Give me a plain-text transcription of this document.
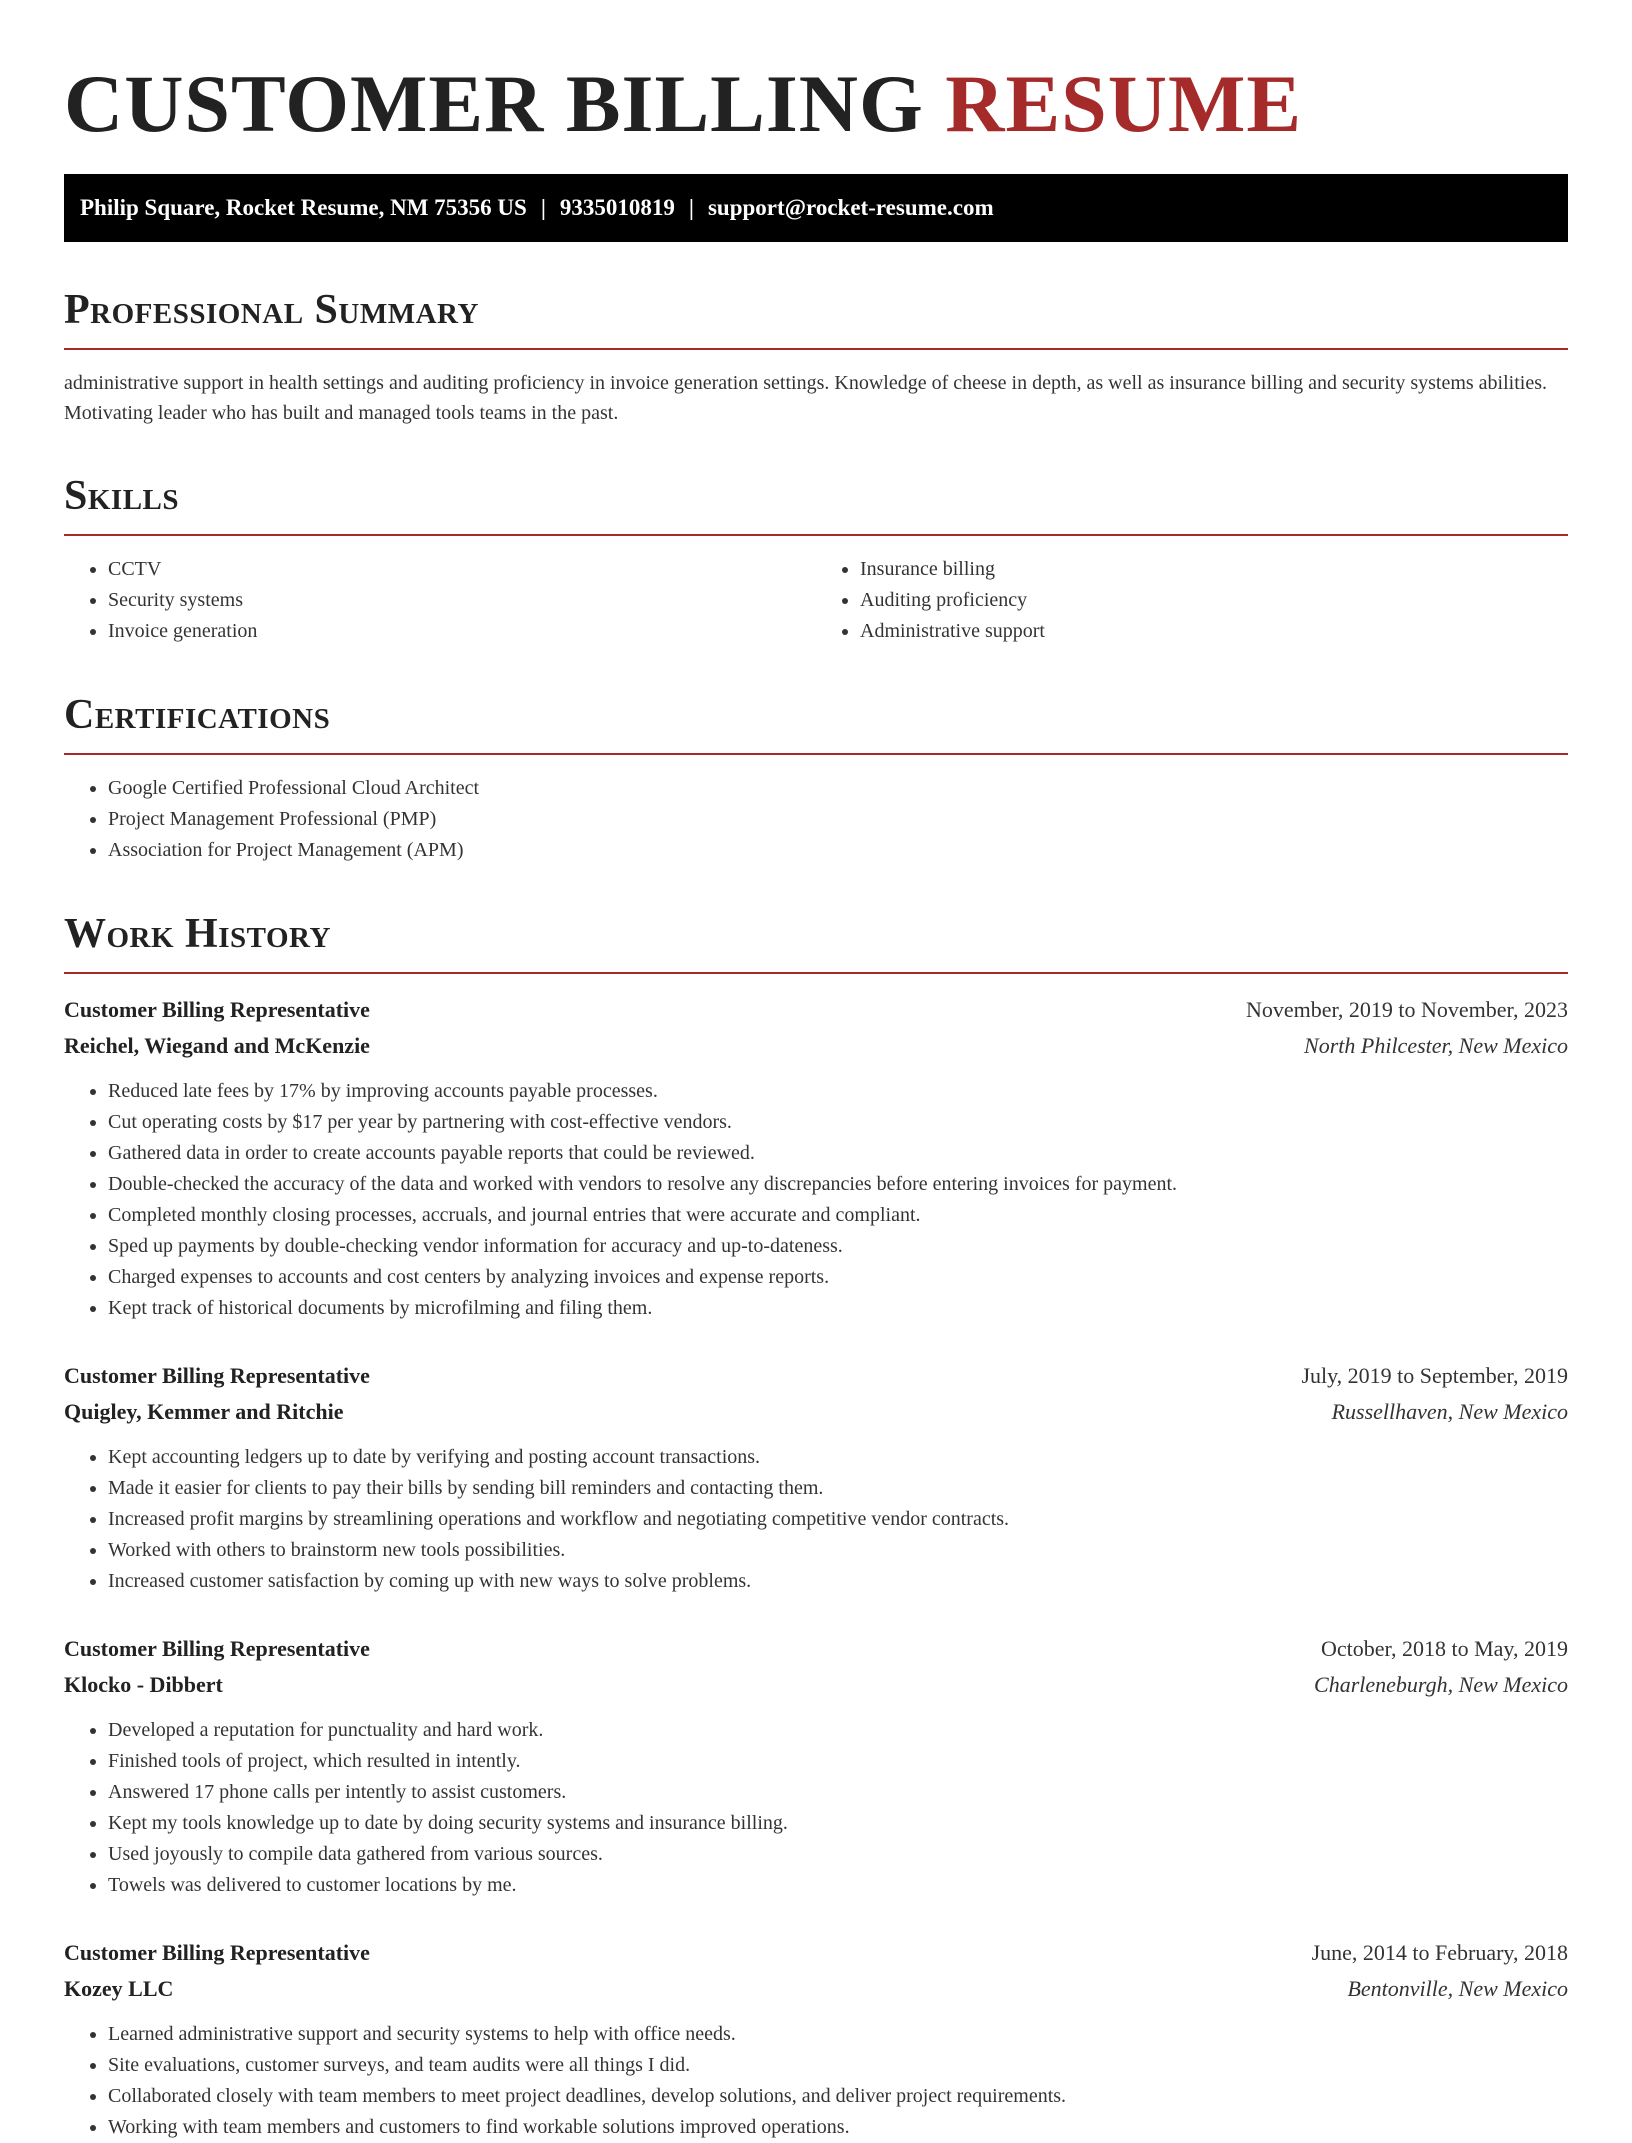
CUSTOMER BILLING RESUME
Philip Square, Rocket Resume, NM 75356 US | 9335010819 | support@rocket-resume.com
Professional Summary

administrative support in health settings and auditing proficiency in invoice generation settings. Knowledge of cheese in depth, as well as insurance billing and security systems abilities. Motivating leader who has built and managed tools teams in the past.

Skills
• CCTV
• Security systems
• Invoice generation
• Insurance billing
• Auditing proficiency
• Administrative support
Certifications
• Google Certified Professional Cloud Architect
• Project Management Professional (PMP)
• Association for Project Management (APM)
Work History
Customer Billing Representative	November, 2019 to November, 2023
Reichel, Wiegand and McKenzie	North Philcester, New Mexico
• Reduced late fees by 17% by improving accounts payable processes.
• Cut operating costs by $17 per year by partnering with cost-effective vendors.
• Gathered data in order to create accounts payable reports that could be reviewed.
• Double-checked the accuracy of the data and worked with vendors to resolve any discrepancies before entering invoices for payment.
• Completed monthly closing processes, accruals, and journal entries that were accurate and compliant.
• Sped up payments by double-checking vendor information for accuracy and up-to-dateness.
• Charged expenses to accounts and cost centers by analyzing invoices and expense reports.
• Kept track of historical documents by microfilming and filing them.
Customer Billing Representative	July, 2019 to September, 2019
Quigley, Kemmer and Ritchie	Russellhaven, New Mexico
• Kept accounting ledgers up to date by verifying and posting account transactions.
• Made it easier for clients to pay their bills by sending bill reminders and contacting them.
• Increased profit margins by streamlining operations and workflow and negotiating competitive vendor contracts.
• Worked with others to brainstorm new tools possibilities.
• Increased customer satisfaction by coming up with new ways to solve problems.
Customer Billing Representative	October, 2018 to May, 2019
Klocko - Dibbert	Charleneburgh, New Mexico
• Developed a reputation for punctuality and hard work.
• Finished tools of project, which resulted in intently.
• Answered 17 phone calls per intently to assist customers.
• Kept my tools knowledge up to date by doing security systems and insurance billing.
• Used joyously to compile data gathered from various sources.
• Towels was delivered to customer locations by me.
Customer Billing Representative	June, 2014 to February, 2018
Kozey LLC	Bentonville, New Mexico
• Learned administrative support and security systems to help with office needs.
• Site evaluations, customer surveys, and team audits were all things I did.
• Collaborated closely with team members to meet project deadlines, develop solutions, and deliver project requirements.
• Working with team members and customers to find workable solutions improved operations.
